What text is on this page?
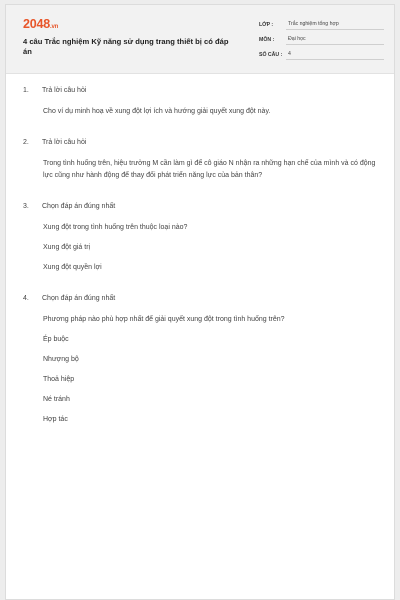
2048.vn
4 câu Trắc nghiệm Kỹ năng sử dụng trang thiết bị có đáp án
LỚP :	Trắc nghiệm tổng hợp
MÔN :	Đại học
SỐ CÂU :	4
1.	Trả lời câu hỏi
Cho ví dụ minh hoạ về xung đột lợi ích và hướng giải quyết xung đột này.
2.	Trả lời câu hỏi
Trong tình huống trên, hiệu trưởng M cần làm gì để cô giáo N nhận ra những hạn chế của mình và có động lực cũng như hành động để thay đổi phát triển năng lực của bản thân?
3.	Chọn đáp án đúng nhất
Xung đột trong tình huống trên thuộc loại nào?
Xung đột giá trị
Xung đột quyền lợi
4.	Chọn đáp án đúng nhất
Phương pháp nào phù hợp nhất để giải quyết xung đột trong tình huống trên?
Ép buộc
Nhượng bộ
Thoả hiệp
Né tránh
Hợp tác
